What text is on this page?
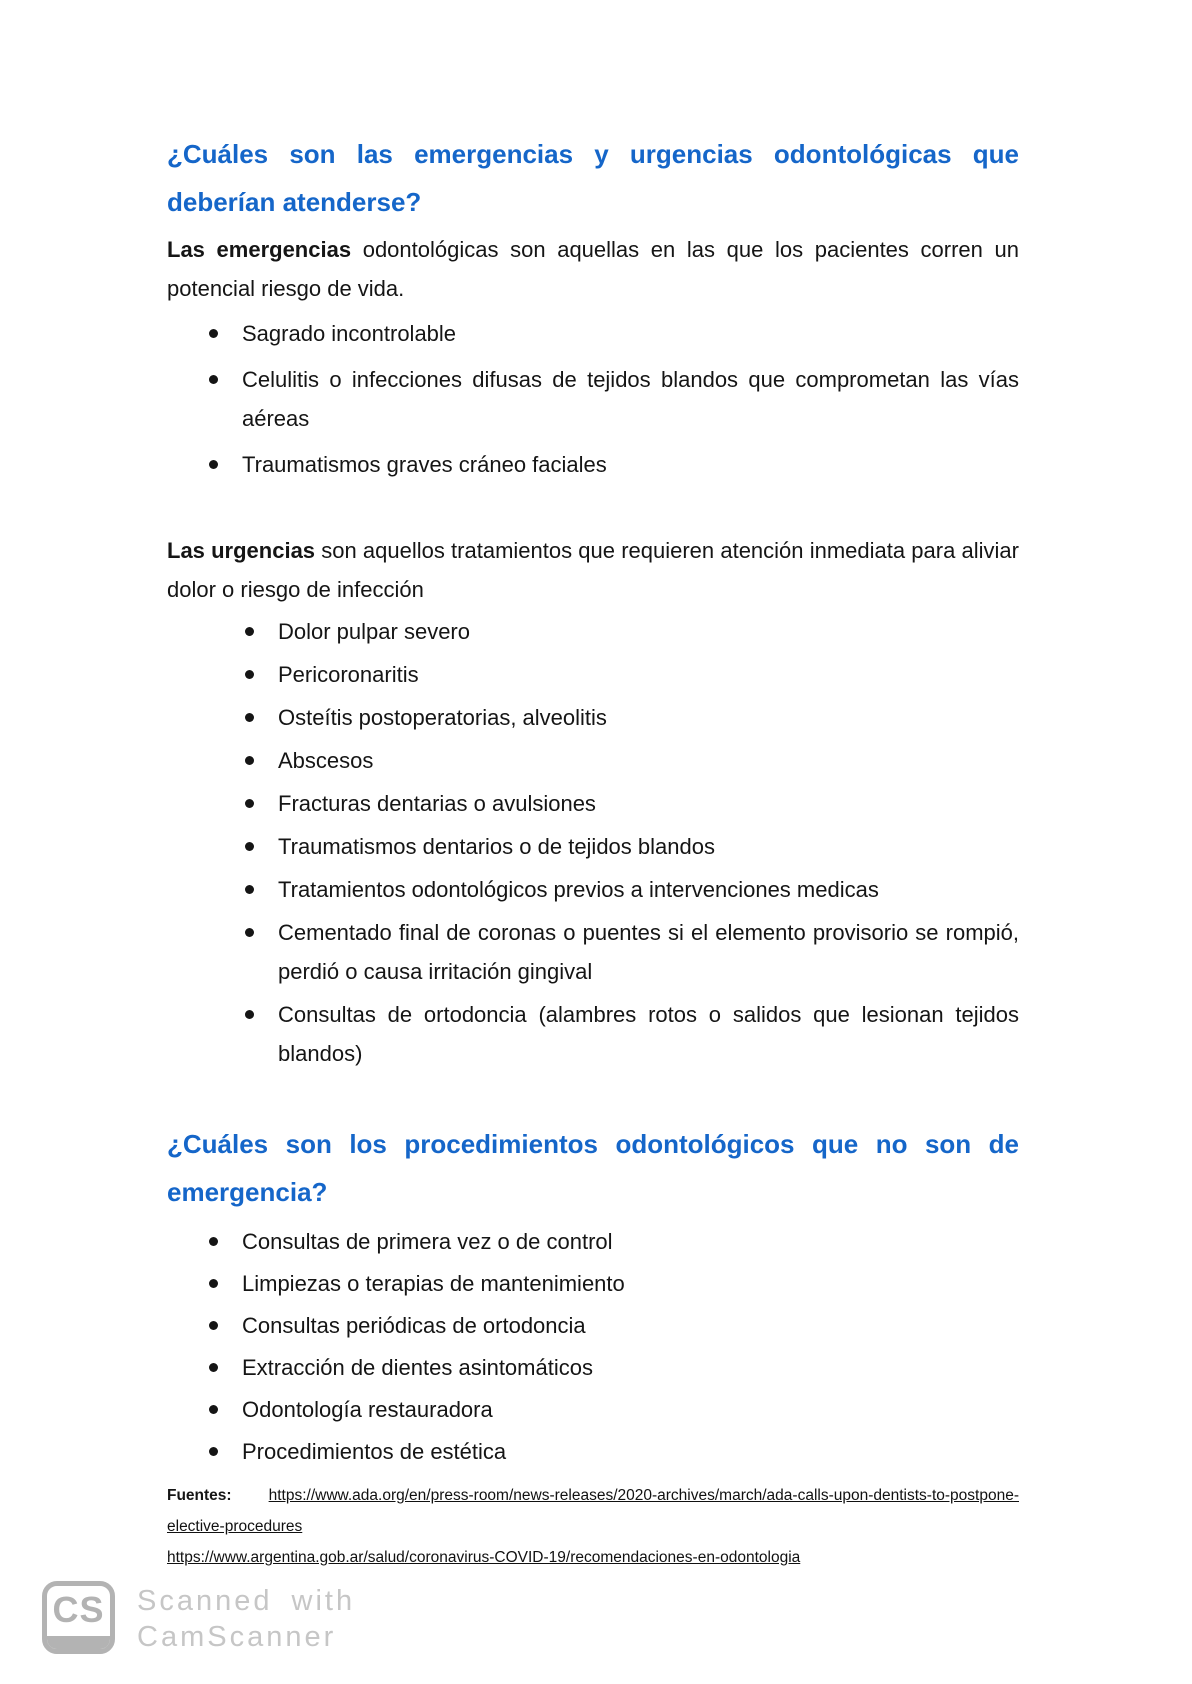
¿Cuáles son las emergencias y urgencias odontológicas que deberían atenderse?

Las emergencias odontológicas son aquellas en las que los pacientes corren un potencial riesgo de vida.

Sagrado incontrolable
Celulitis o infecciones difusas de tejidos blandos que comprometan las vías aéreas
Traumatismos graves cráneo faciales

Las urgencias son aquellos tratamientos que requieren atención inmediata para aliviar dolor o riesgo de infección

Dolor pulpar severo
Pericoronaritis
Osteítis postoperatorias, alveolitis
Abscesos
Fracturas dentarias o avulsiones
Traumatismos dentarios o de tejidos blandos
Tratamientos odontológicos previos a intervenciones medicas
Cementado final de coronas o puentes si el elemento provisorio se rompió, perdió o causa irritación gingival
Consultas de ortodoncia (alambres rotos o salidos que lesionan tejidos blandos)
¿Cuáles son los procedimientos odontológicos que no son de emergencia?
Consultas de primera vez o de control
Limpiezas o terapias de mantenimiento
Consultas periódicas de ortodoncia
Extracción de dientes asintomáticos
Odontología restauradora
Procedimientos de estética
Fuentes: https://www.ada.org/en/press-room/news-releases/2020-archives/march/ada-calls-upon-dentists-to-postpone-elective-procedures
https://www.argentina.gob.ar/salud/coronavirus-COVID-19/recomendaciones-en-odontologia
CS Scanned with
CamScanner
